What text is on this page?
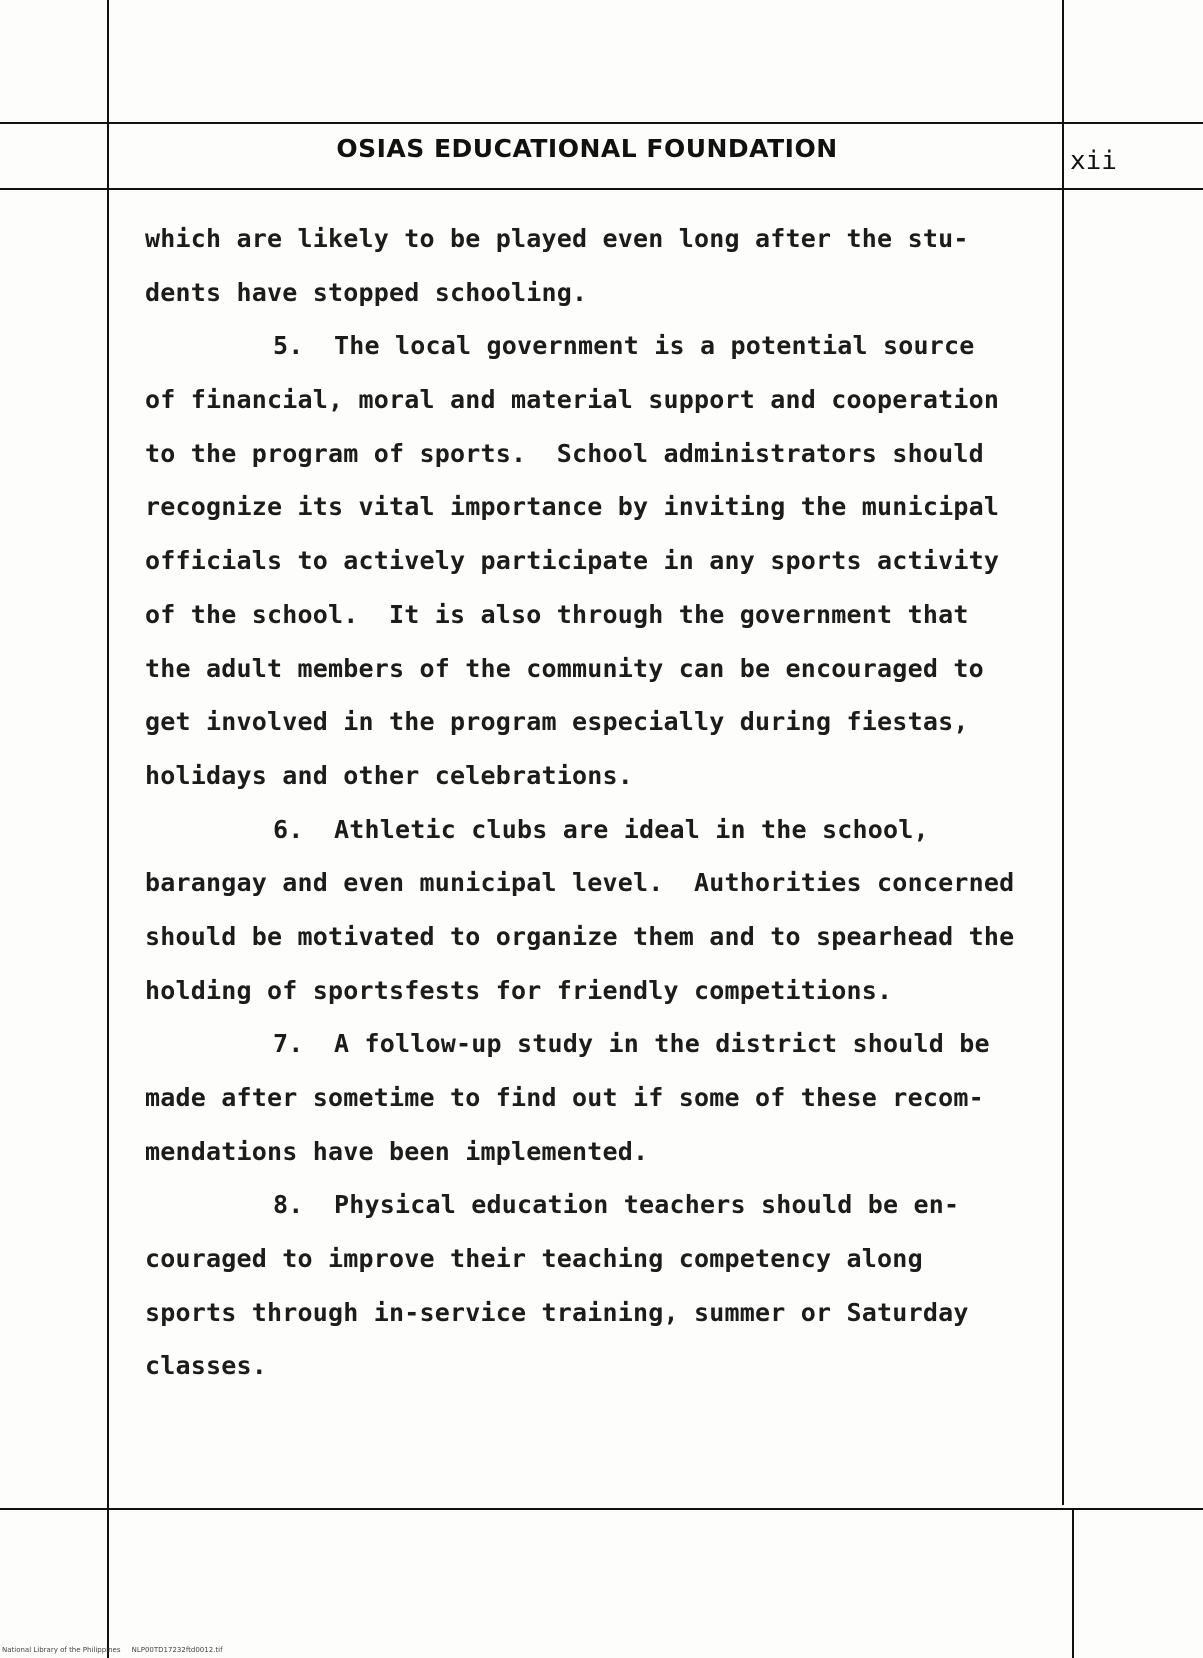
OSIAS EDUCATIONAL FOUNDATION	xii
which are likely to be played even long after the stu-
dents have stopped schooling.
5.  The local government is a potential source
of financial, moral and material support and cooperation
to the program of sports.  School administrators should
recognize its vital importance by inviting the municipal
officials to actively participate in any sports activity
of the school.  It is also through the government that
the adult members of the community can be encouraged to
get involved in the program especially during fiestas,
holidays and other celebrations.
6.  Athletic clubs are ideal in the school,
barangay and even municipal level.  Authorities concerned
should be motivated to organize them and to spearhead the
holding of sportsfests for friendly competitions.
7.  A follow-up study in the district should be
made after sometime to find out if some of these recom-
mendations have been implemented.
8.  Physical education teachers should be en-
couraged to improve their teaching competency along
sports through in-service training, summer or Saturday
classes.
National Library of the Philippines     NLP00TD17232ftd0012.tif
